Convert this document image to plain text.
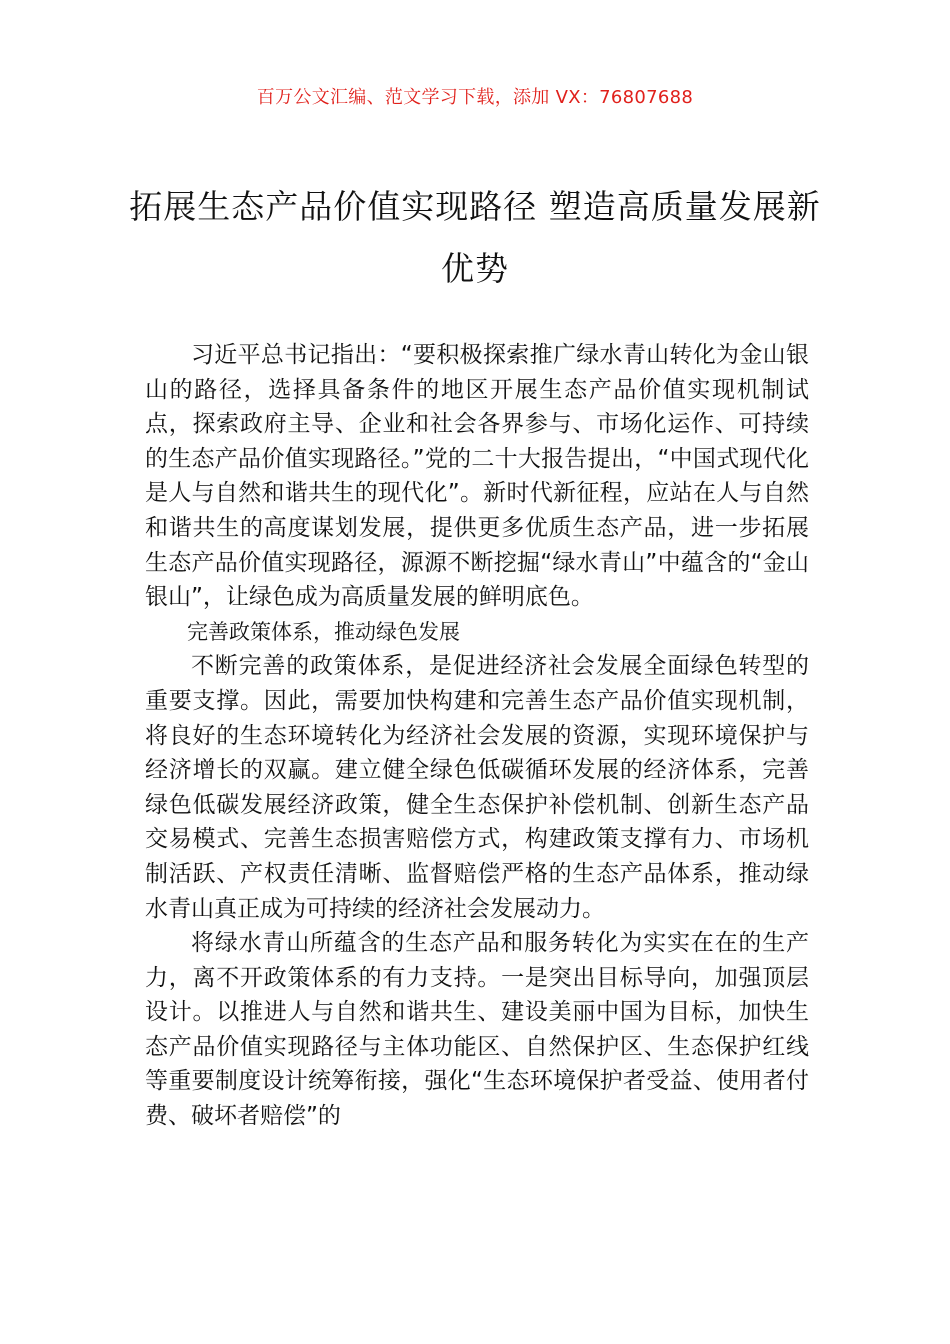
百万公文汇编、范文学习下载，添加 VX：76807688
拓展生态产品价值实现路径 塑造高质量发展新优势

习近平总书记指出：“要积极探索推广绿水青山转化为金山银山的路径，选择具备条件的地区开展生态产品价值实现机制试点，探索政府主导、企业和社会各界参与、市场化运作、可持续的生态产品价值实现路径。”党的二十大报告提出，“中国式现代化是人与自然和谐共生的现代化”。新时代新征程，应站在人与自然和谐共生的高度谋划发展，提供更多优质生态产品，进一步拓展生态产品价值实现路径，源源不断挖掘“绿水青山”中蕴含的“金山银山”，让绿色成为高质量发展的鲜明底色。

完善政策体系，推动绿色发展

不断完善的政策体系，是促进经济社会发展全面绿色转型的重要支撑。因此，需要加快构建和完善生态产品价值实现机制，将良好的生态环境转化为经济社会发展的资源，实现环境保护与经济增长的双赢。建立健全绿色低碳循环发展的经济体系，完善绿色低碳发展经济政策，健全生态保护补偿机制、创新生态产品交易模式、完善生态损害赔偿方式，构建政策支撑有力、市场机制活跃、产权责任清晰、监督赔偿严格的生态产品体系，推动绿水青山真正成为可持续的经济社会发展动力。

将绿水青山所蕴含的生态产品和服务转化为实实在在的生产力，离不开政策体系的有力支持。一是突出目标导向，加强顶层设计。以推进人与自然和谐共生、建设美丽中国为目标，加快生态产品价值实现路径与主体功能区、自然保护区、生态保护红线等重要制度设计统筹衔接，强化“生态环境保护者受益、使用者付费、破坏者赔偿”的
